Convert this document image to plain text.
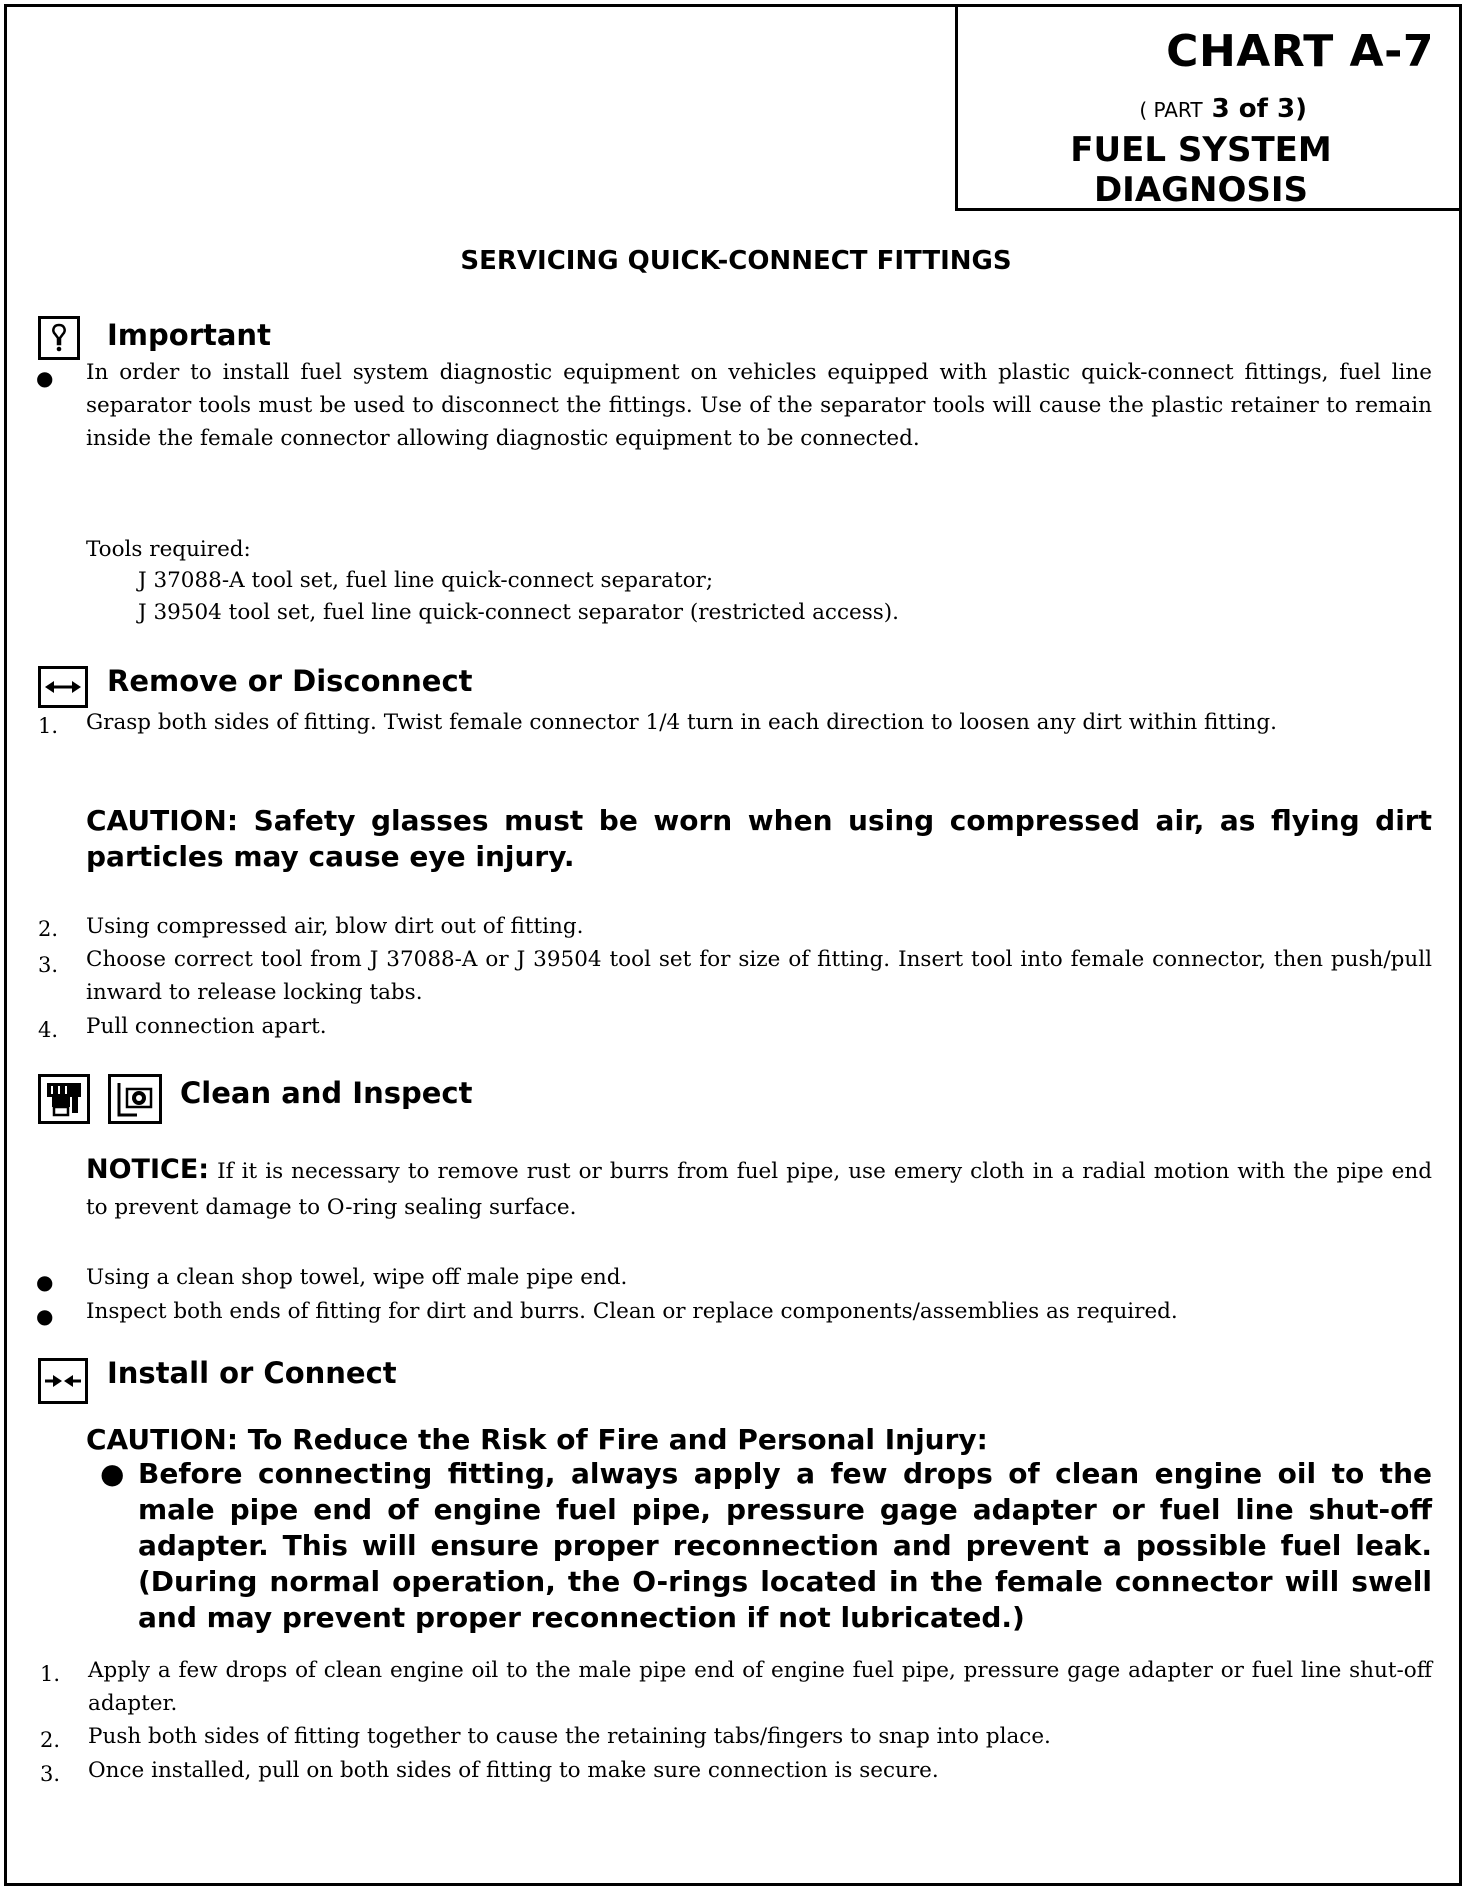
CHART A-7
( PART 3 of 3)
FUEL SYSTEM DIAGNOSIS
SERVICING QUICK-CONNECT FITTINGS
Important
● In order to install fuel system diagnostic equipment on vehicles equipped with plastic quick-connect fittings, fuel line separator tools must be used to disconnect the fittings. Use of the separator tools will cause the plastic retainer to remain inside the female connector allowing diagnostic equipment to be connected.
Tools required:
J 37088-A tool set, fuel line quick-connect separator;
J 39504 tool set, fuel line quick-connect separator (restricted access).
Remove or Disconnect
1. Grasp both sides of fitting. Twist female connector 1/4 turn in each direction to loosen any dirt within fitting.
CAUTION: Safety glasses must be worn when using compressed air, as flying dirt particles may cause eye injury.
2. Using compressed air, blow dirt out of fitting.
3. Choose correct tool from J 37088-A or J 39504 tool set for size of fitting. Insert tool into female connector, then push/pull inward to release locking tabs.
4. Pull connection apart.
Clean and Inspect
NOTICE: If it is necessary to remove rust or burrs from fuel pipe, use emery cloth in a radial motion with the pipe end to prevent damage to O-ring sealing surface.
● Using a clean shop towel, wipe off male pipe end.
● Inspect both ends of fitting for dirt and burrs. Clean or replace components/assemblies as required.
Install or Connect
CAUTION: To Reduce the Risk of Fire and Personal Injury:
● Before connecting fitting, always apply a few drops of clean engine oil to the male pipe end of engine fuel pipe, pressure gage adapter or fuel line shut-off adapter. This will ensure proper reconnection and prevent a possible fuel leak. (During normal operation, the O-rings located in the female connector will swell and may prevent proper reconnection if not lubricated.)
1. Apply a few drops of clean engine oil to the male pipe end of engine fuel pipe, pressure gage adapter or fuel line shut-off adapter.
2. Push both sides of fitting together to cause the retaining tabs/fingers to snap into place.
3. Once installed, pull on both sides of fitting to make sure connection is secure.
